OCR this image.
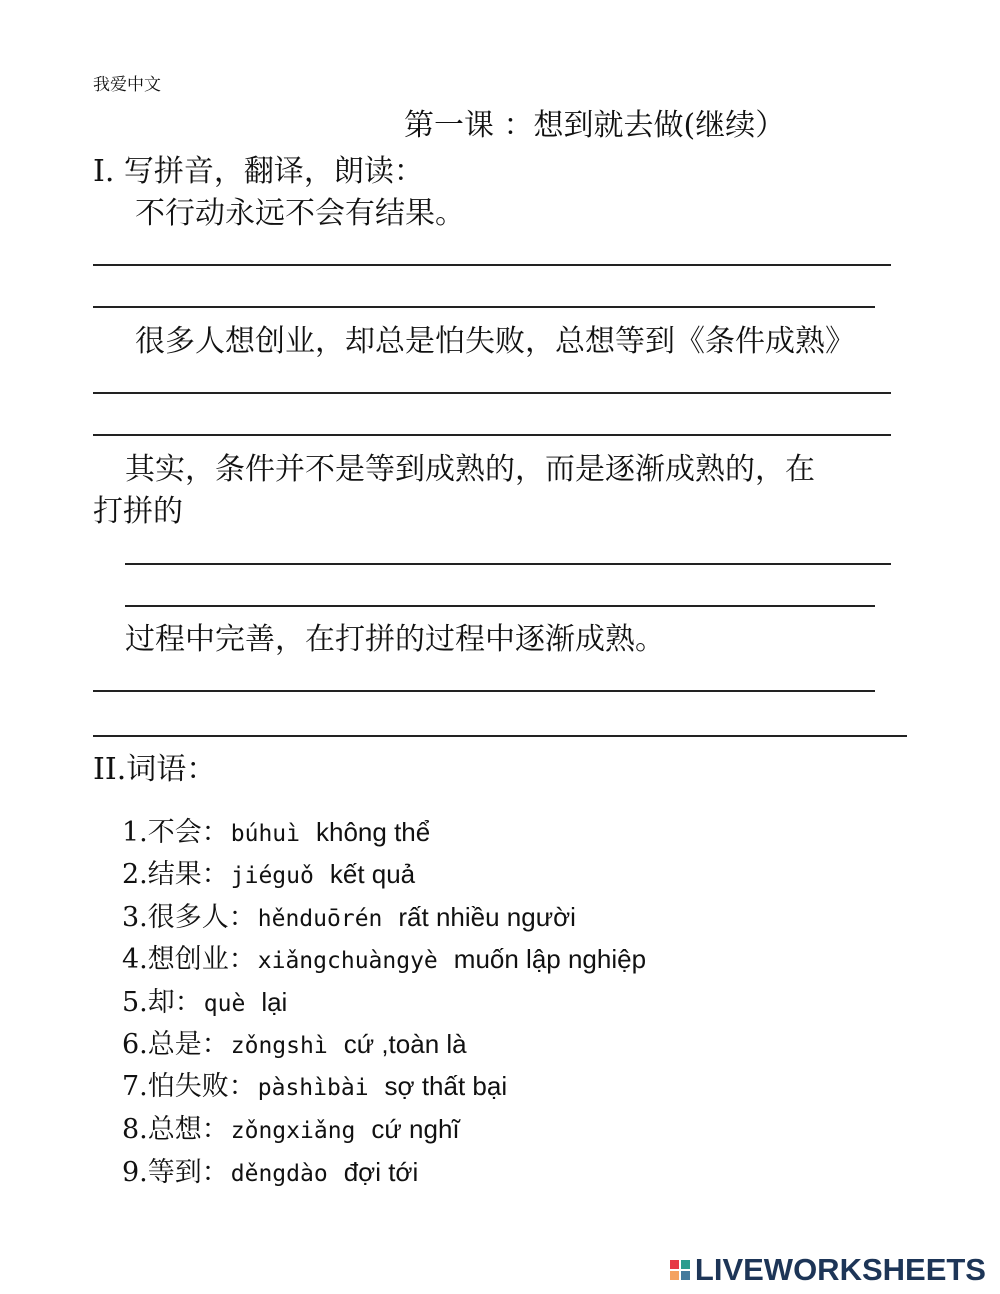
我爱中文
第一课 ：想到就去做(继续）
I. 写拼音，翻译，朗读：
不行动永远不会有结果。
很多人想创业，却总是怕失败，总想等到《条件成熟》
其实，条件并不是等到成熟的，而是逐渐成熟的，在
打拼的
过程中完善，在打拼的过程中逐渐成熟。
II.词语：
1.不会：búhuì không thể
2.结果：jiéguǒ kết quả
3.很多人：hěnduōrén rất nhiều người
4.想创业：xiǎngchuàngyè muốn lập nghiệp
5.却：què lại
6.总是：zǒngshì cứ ,toàn là
7.怕失败：pàshìbài sợ thất bại
8.总想：zǒngxiǎng cứ nghĩ
9.等到：děngdào đợi tới
LIVEWORKSHEETS
